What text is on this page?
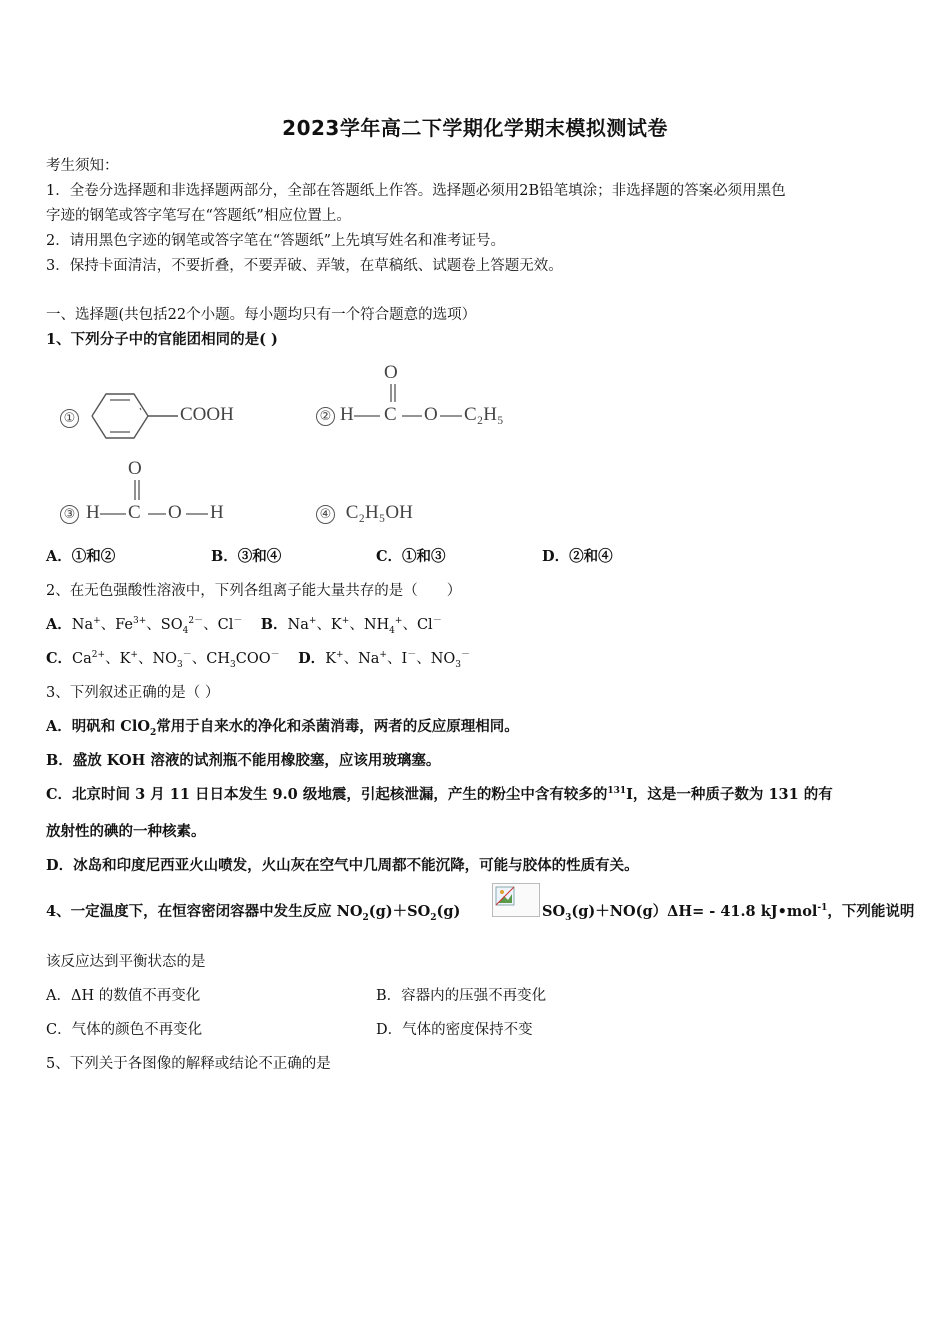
2023学年高二下学期化学期末模拟测试卷
考生须知：
1．全卷分选择题和非选择题两部分，全部在答题纸上作答。选择题必须用2B铅笔填涂；非选择题的答案必须用黑色
字迹的钢笔或答字笔写在“答题纸”相应位置上。
2．请用黑色字迹的钢笔或答字笔在“答题纸”上先填写姓名和准考证号。
3．保持卡面清洁，不要折叠，不要弄破、弄皱，在草稿纸、试题卷上答题无效。
一、选择题(共包括22个小题。每小题均只有一个符合题意的选项）
1、下列分子中的官能团相同的是( )
①	COOH
O
② H C O C₂H₅
O
③ H C O H	④ C₂H₅OH
A．①和②	B．③和④	C．①和③	D．②和④
2、在无色强酸性溶液中，下列各组离子能大量共存的是（　　）
A．Na+、$Fe^{3+}$、$SO_4^{2-}$、Cl－ B．Na+、K+、$NH_4^+$、Cl－
C．$Ca^{2+}$、K+、$NO_3^-$、$CH_3COO^-$ D．K+、Na+、I－、$NO_3^-$
3、下列叙述正确的是（ ）
A．明矾和 ClO$_2$常用于自来水的净化和杀菌消毒，两者的反应原理相同。
B．盛放 KOH 溶液的试剂瓶不能用橡胶塞，应该用玻璃塞。
C．北京时间 3 月 11 日日本发生 9.0 级地震，引起核泄漏，产生的粉尘中含有较多的$^{131}$I，这是一种质子数为 131 的有
放射性的碘的一种核素。
D．冰岛和印度尼西亚火山喷发，火山灰在空气中几周都不能沉降，可能与胶体的性质有关。
4、一定温度下，在恒容密闭容器中发生反应 $NO_2(g)+SO_2(g)$	$SO_3(g)+NO(g)\Delta H= - 41.8$ kJ•mol$^{-1}$，下列能说明
该反应达到平衡状态的是
A．ΔH 的数值不再变化	B．容器内的压强不再变化
C．气体的颜色不再变化	D．气体的密度保持不变
5、下列关于各图像的解释或结论不正确的是
